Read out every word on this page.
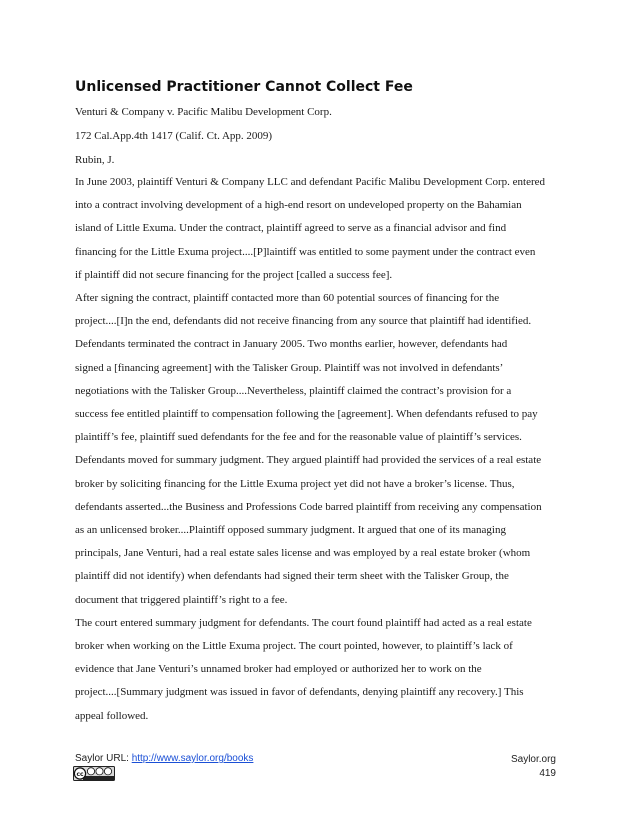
Unlicensed Practitioner Cannot Collect Fee
Venturi & Company v. Pacific Malibu Development Corp.
172 Cal.App.4th 1417 (Calif. Ct. App. 2009)
Rubin, J.
In June 2003, plaintiff Venturi & Company LLC and defendant Pacific Malibu Development Corp. entered
into a contract involving development of a high-end resort on undeveloped property on the Bahamian
island of Little Exuma. Under the contract, plaintiff agreed to serve as a financial advisor and find
financing for the Little Exuma project....[P]laintiff was entitled to some payment under the contract even
if plaintiff did not secure financing for the project [called a success fee].
After signing the contract, plaintiff contacted more than 60 potential sources of financing for the
project....[I]n the end, defendants did not receive financing from any source that plaintiff had identified.
Defendants terminated the contract in January 2005. Two months earlier, however, defendants had
signed a [financing agreement] with the Talisker Group. Plaintiff was not involved in defendants’
negotiations with the Talisker Group....Nevertheless, plaintiff claimed the contract’s provision for a
success fee entitled plaintiff to compensation following the [agreement]. When defendants refused to pay
plaintiff’s fee, plaintiff sued defendants for the fee and for the reasonable value of plaintiff’s services.
Defendants moved for summary judgment. They argued plaintiff had provided the services of a real estate
broker by soliciting financing for the Little Exuma project yet did not have a broker’s license. Thus,
defendants asserted...the Business and Professions Code barred plaintiff from receiving any compensation
as an unlicensed broker....Plaintiff opposed summary judgment. It argued that one of its managing
principals, Jane Venturi, had a real estate sales license and was employed by a real estate broker (whom
plaintiff did not identify) when defendants had signed their term sheet with the Talisker Group, the
document that triggered plaintiff’s right to a fee.
The court entered summary judgment for defendants. The court found plaintiff had acted as a real estate
broker when working on the Little Exuma project. The court pointed, however, to plaintiff’s lack of
evidence that Jane Venturi’s unnamed broker had employed or authorized her to work on the
project....[Summary judgment was issued in favor of defendants, denying plaintiff any recovery.] This
appeal followed.
Saylor URL: http://www.saylor.org/books
cc
Saylor.org
419
